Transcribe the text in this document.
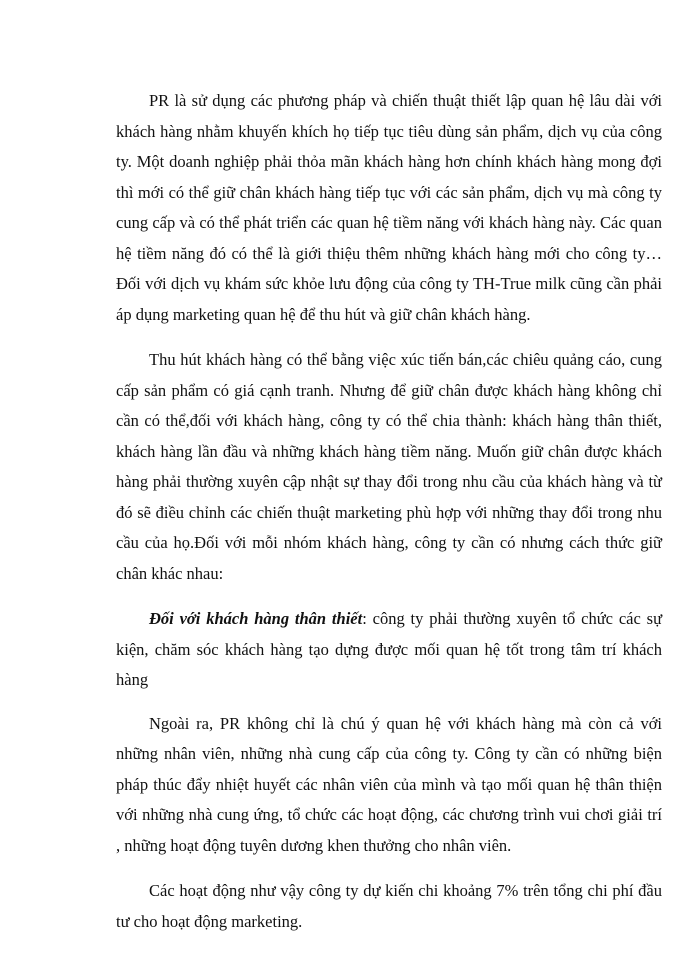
PR là sử dụng các phương pháp và chiến thuật thiết lập quan hệ lâu dài với khách hàng nhằm khuyến khích họ tiếp tục tiêu dùng sản phẩm, dịch vụ của công ty. Một doanh nghiệp phải thỏa mãn khách hàng hơn chính khách hàng mong đợi thì mới có thể giữ chân khách hàng tiếp tục với các sản phẩm, dịch vụ mà công ty cung cấp và có thể phát triển các quan hệ tiềm năng với khách hàng này. Các quan hệ tiềm năng đó có thể là giới thiệu thêm những khách hàng mới cho công ty… Đối với dịch vụ khám sức khỏe lưu động của công ty TH-True milk cũng cần phải áp dụng marketing quan hệ để thu hút và giữ chân khách hàng.

Thu hút khách hàng có thể bằng việc xúc tiến bán,các chiêu quảng cáo, cung cấp sản phẩm có giá cạnh tranh. Nhưng để giữ chân được khách hàng không chỉ cần có thể,đối với khách hàng, công ty có thể chia thành: khách hàng thân thiết, khách hàng lần đầu và những khách hàng tiềm năng. Muốn giữ chân được khách hàng phải thường xuyên cập nhật sự thay đổi trong nhu cầu của khách hàng và từ đó sẽ điều chỉnh các chiến thuật marketing phù hợp với những thay đổi trong nhu cầu của họ.Đối với mỗi nhóm khách hàng, công ty cần có nhưng cách thức giữ chân khác nhau:

Đối với khách hàng thân thiết: công ty phải thường xuyên tổ chức các sự kiện, chăm sóc khách hàng tạo dựng được mối quan hệ tốt trong tâm trí khách hàng

Ngoài ra, PR không chỉ là chú ý quan hệ với khách hàng mà còn cả với những nhân viên, những nhà cung cấp của công ty. Công ty cần có những biện pháp thúc đẩy nhiệt huyết các nhân viên của mình và tạo mối quan hệ thân thiện với những nhà cung ứng, tổ chức các hoạt động, các chương trình vui chơi giải trí , những hoạt động tuyên dương khen thưởng cho nhân viên.

Các hoạt động như vậy công ty dự kiến chi khoảng 7% trên tổng chi phí đầu tư cho hoạt động marketing.
